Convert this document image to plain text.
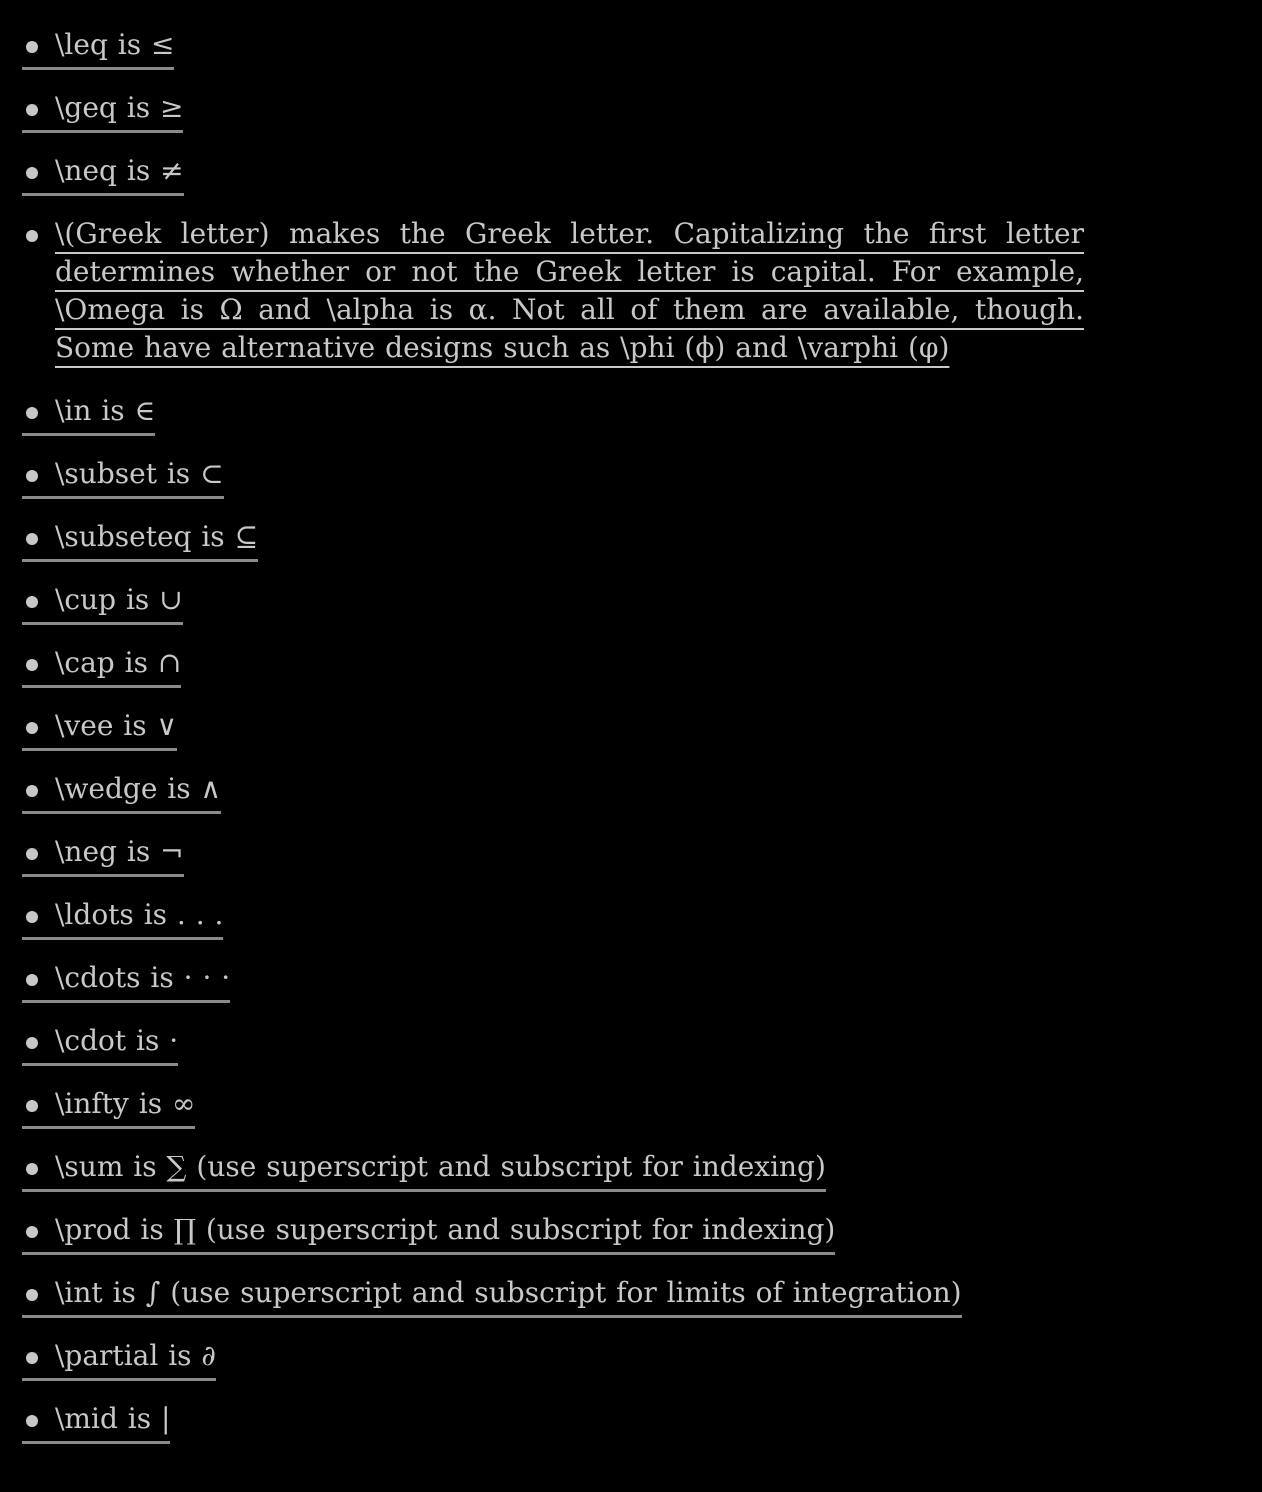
\leq is ≤
\geq is ≥
\neq is ≠
\(Greek letter) makes the Greek letter. Capitalizing the first letter determines whether or not the Greek letter is capital. For example, \Omega is Ω and \alpha is α. Not all of them are available, though. Some have alternative designs such as \phi (ϕ) and \varphi (φ)
\in is ∈
\subset is ⊂
\subseteq is ⊆
\cup is ∪
\cap is ∩
\vee is ∨
\wedge is ∧
\neg is ¬
\ldots is . . .
\cdots is · · ·
\cdot is ·
\infty is ∞
\sum is ∑ (use superscript and subscript for indexing)
\prod is ∏ (use superscript and subscript for indexing)
\int is ∫ (use superscript and subscript for limits of integration)
\partial is ∂
\mid is |
